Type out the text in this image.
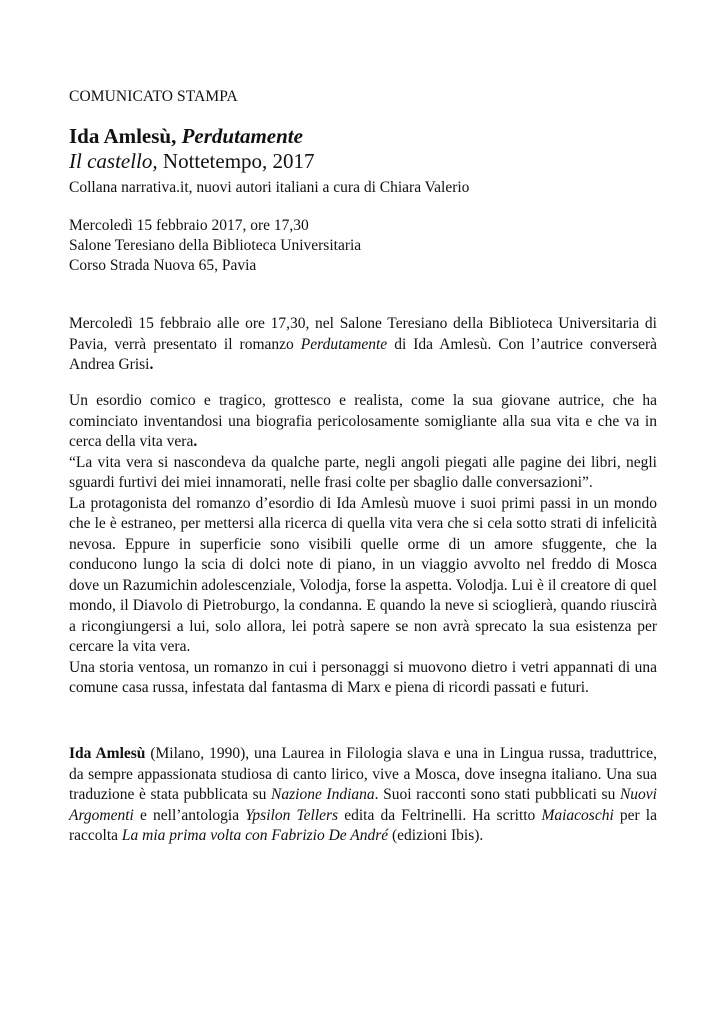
COMUNICATO STAMPA
Ida Amlesù, Perdutamente
Il castello, Nottetempo, 2017
Collana narrativa.it, nuovi autori italiani a cura di Chiara Valerio
Mercoledì 15 febbraio 2017, ore 17,30
Salone Teresiano della Biblioteca Universitaria
Corso Strada Nuova 65, Pavia

Mercoledì 15 febbraio alle ore 17,30, nel Salone Teresiano della Biblioteca Universitaria di Pavia, verrà presentato il romanzo Perdutamente di Ida Amlesù. Con l’autrice converserà Andrea Grisi.

Un esordio comico e tragico, grottesco e realista, come la sua giovane autrice, che ha cominciato inventandosi una biografia pericolosamente somigliante alla sua vita e che va in cerca della vita vera.

“La vita vera si nascondeva da qualche parte, negli angoli piegati alle pagine dei libri, negli sguardi furtivi dei miei innamorati, nelle frasi colte per sbaglio dalle conversazioni”.

La protagonista del romanzo d’esordio di Ida Amlesù muove i suoi primi passi in un mondo che le è estraneo, per mettersi alla ricerca di quella vita vera che si cela sotto strati di infelicità nevosa. Eppure in superficie sono visibili quelle orme di un amore sfuggente, che la conducono lungo la scia di dolci note di piano, in un viaggio avvolto nel freddo di Mosca dove un Razumichin adolescenziale, Volodja, forse la aspetta. Volodja. Lui è il creatore di quel mondo, il Diavolo di Pietroburgo, la condanna. E quando la neve si scioglierà, quando riuscirà a ricongiungersi a lui, solo allora, lei potrà sapere se non avrà sprecato la sua esistenza per cercare la vita vera.

Una storia ventosa, un romanzo in cui i personaggi si muovono dietro i vetri appannati di una comune casa russa, infestata dal fantasma di Marx e piena di ricordi passati e futuri.

Ida Amlesù (Milano, 1990), una Laurea in Filologia slava e una in Lingua russa, traduttrice, da sempre appassionata studiosa di canto lirico, vive a Mosca, dove insegna italiano. Una sua traduzione è stata pubblicata su Nazione Indiana. Suoi racconti sono stati pubblicati su Nuovi Argomenti e nell’antologia Ypsilon Tellers edita da Feltrinelli. Ha scritto Maiacoschi per la raccolta La mia prima volta con Fabrizio De André (edizioni Ibis).
